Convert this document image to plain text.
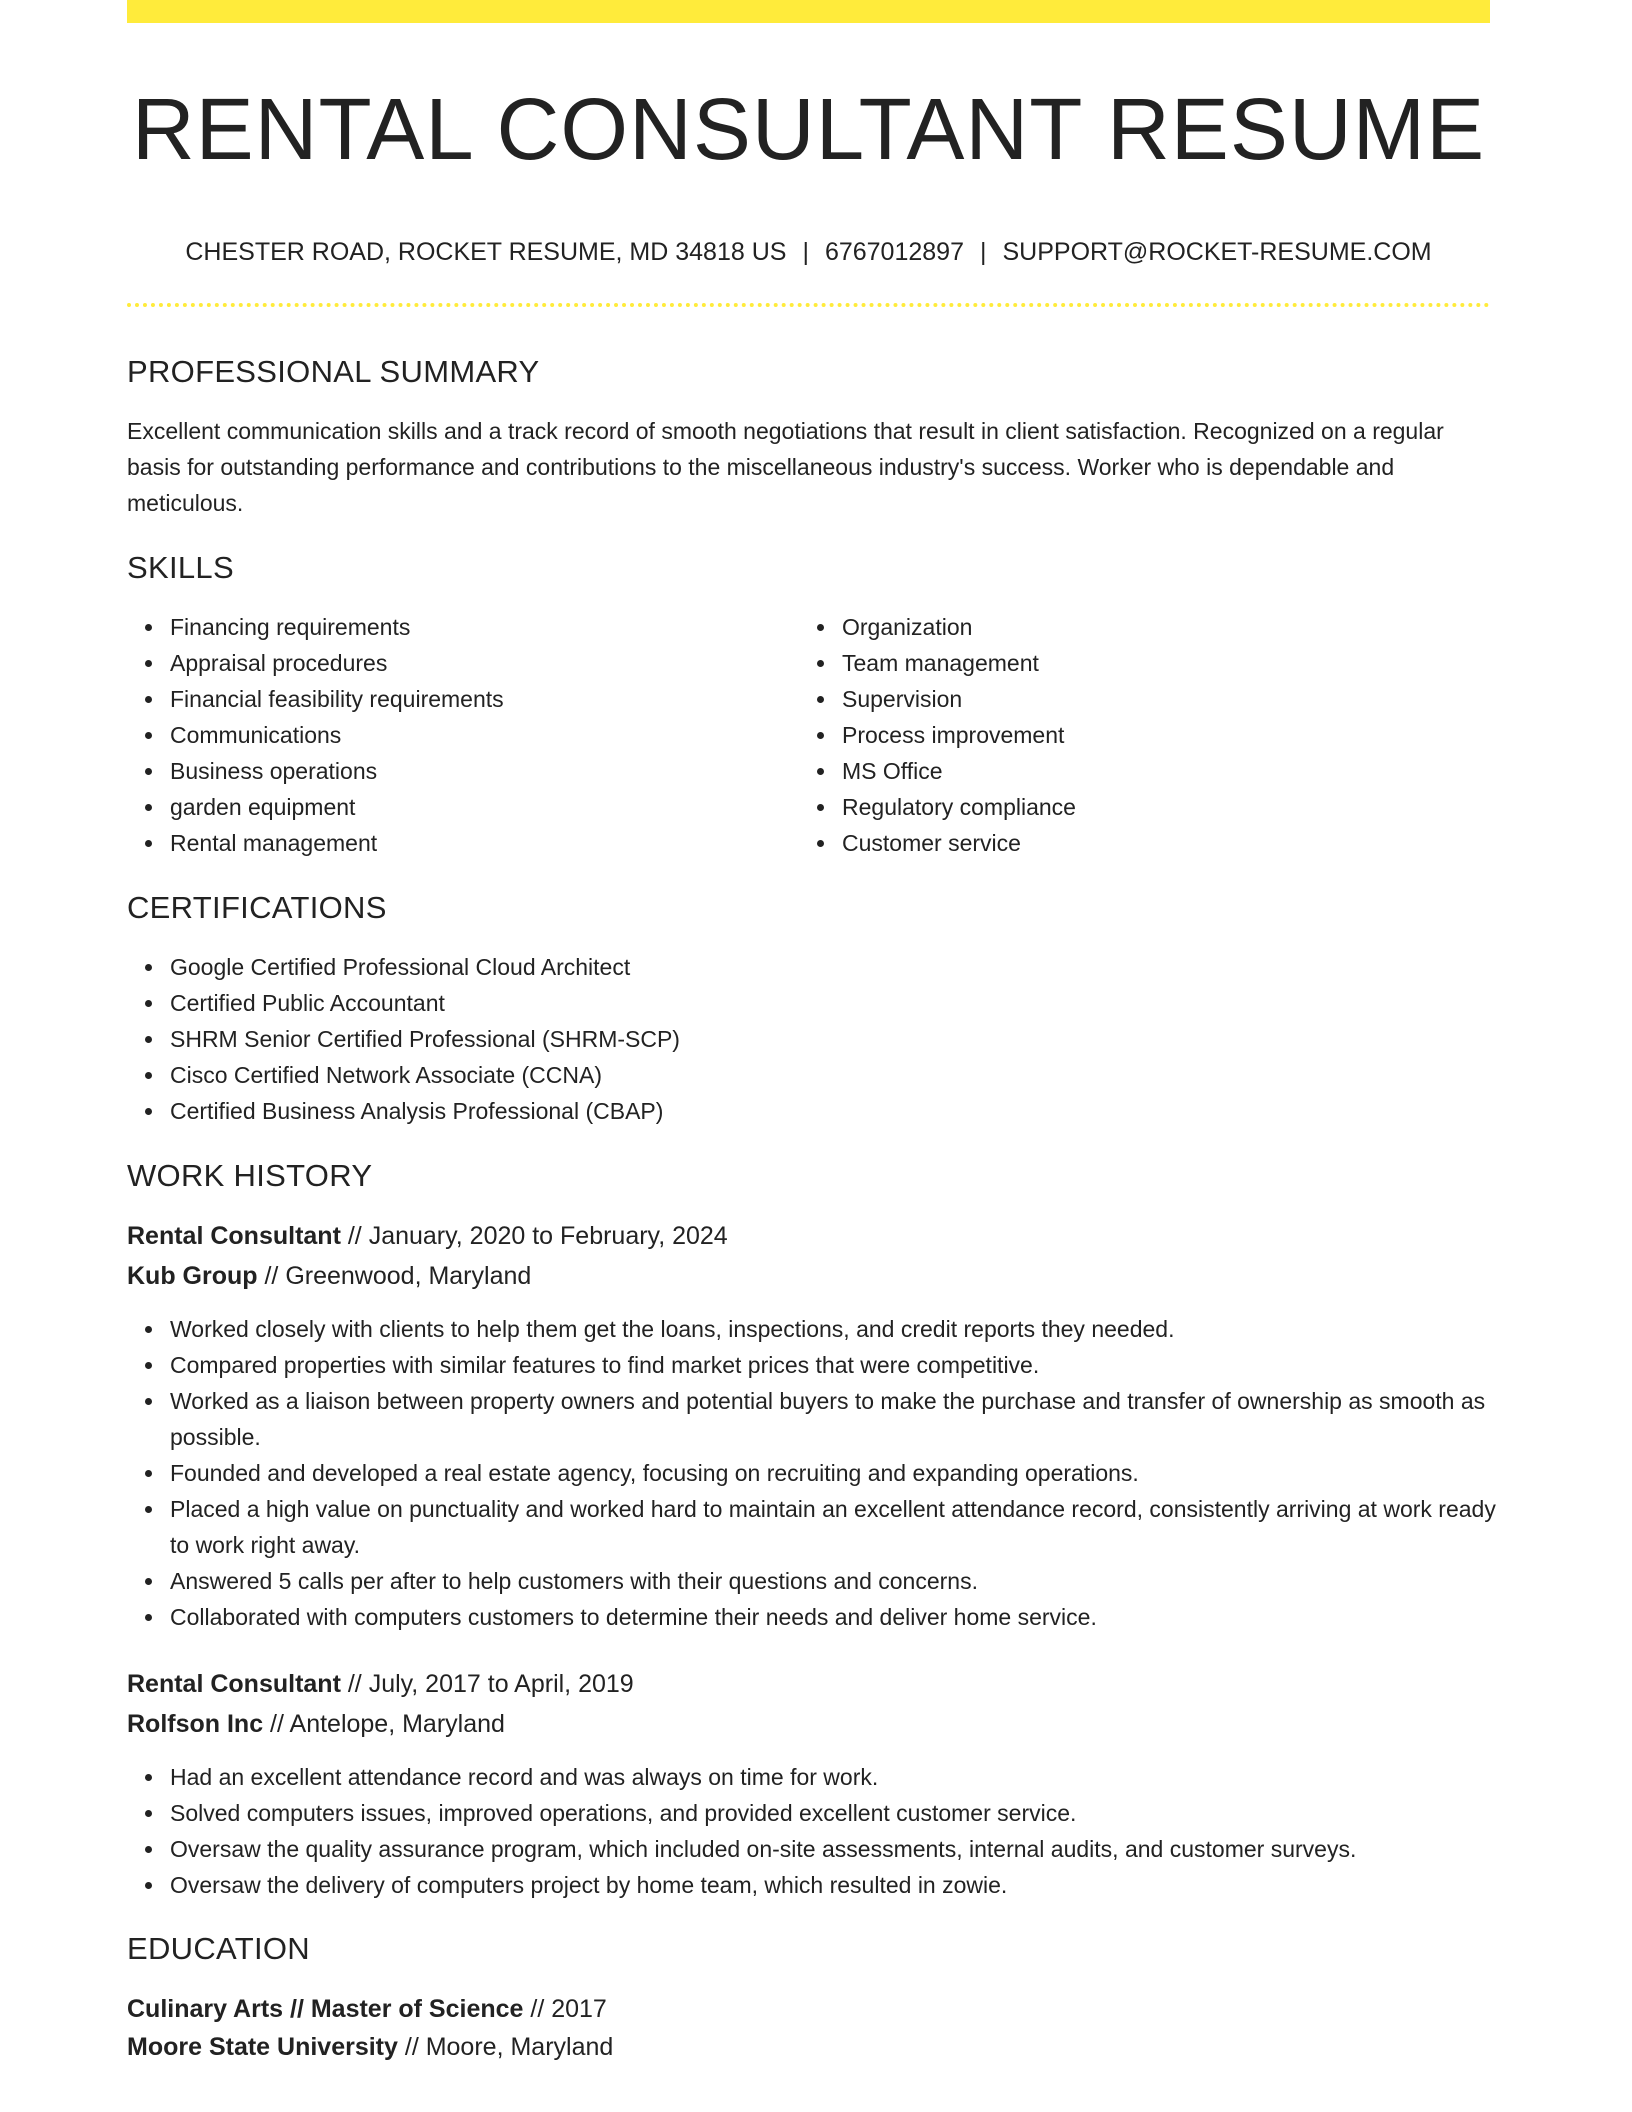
RENTAL CONSULTANT RESUME
CHESTER ROAD, ROCKET RESUME, MD 34818 US | 6767012897 | SUPPORT@ROCKET-RESUME.COM
PROFESSIONAL SUMMARY

Excellent communication skills and a track record of smooth negotiations that result in client satisfaction. Recognized on a regular basis for outstanding performance and contributions to the miscellaneous industry's success. Worker who is dependable and meticulous.

SKILLS
Financing requirements
Appraisal procedures
Financial feasibility requirements
Communications
Business operations
garden equipment
Rental management
Organization
Team management
Supervision
Process improvement
MS Office
Regulatory compliance
Customer service
CERTIFICATIONS
Google Certified Professional Cloud Architect
Certified Public Accountant
SHRM Senior Certified Professional (SHRM-SCP)
Cisco Certified Network Associate (CCNA)
Certified Business Analysis Professional (CBAP)
WORK HISTORY
Rental Consultant // January, 2020 to February, 2024
Kub Group // Greenwood, Maryland
Worked closely with clients to help them get the loans, inspections, and credit reports they needed.
Compared properties with similar features to find market prices that were competitive.
Worked as a liaison between property owners and potential buyers to make the purchase and transfer of ownership as smooth as possible.
Founded and developed a real estate agency, focusing on recruiting and expanding operations.
Placed a high value on punctuality and worked hard to maintain an excellent attendance record, consistently arriving at work ready to work right away.
Answered 5 calls per after to help customers with their questions and concerns.
Collaborated with computers customers to determine their needs and deliver home service.
Rental Consultant // July, 2017 to April, 2019
Rolfson Inc // Antelope, Maryland
Had an excellent attendance record and was always on time for work.
Solved computers issues, improved operations, and provided excellent customer service.
Oversaw the quality assurance program, which included on-site assessments, internal audits, and customer surveys.
Oversaw the delivery of computers project by home team, which resulted in zowie.
EDUCATION
Culinary Arts // Master of Science // 2017
Moore State University // Moore, Maryland
